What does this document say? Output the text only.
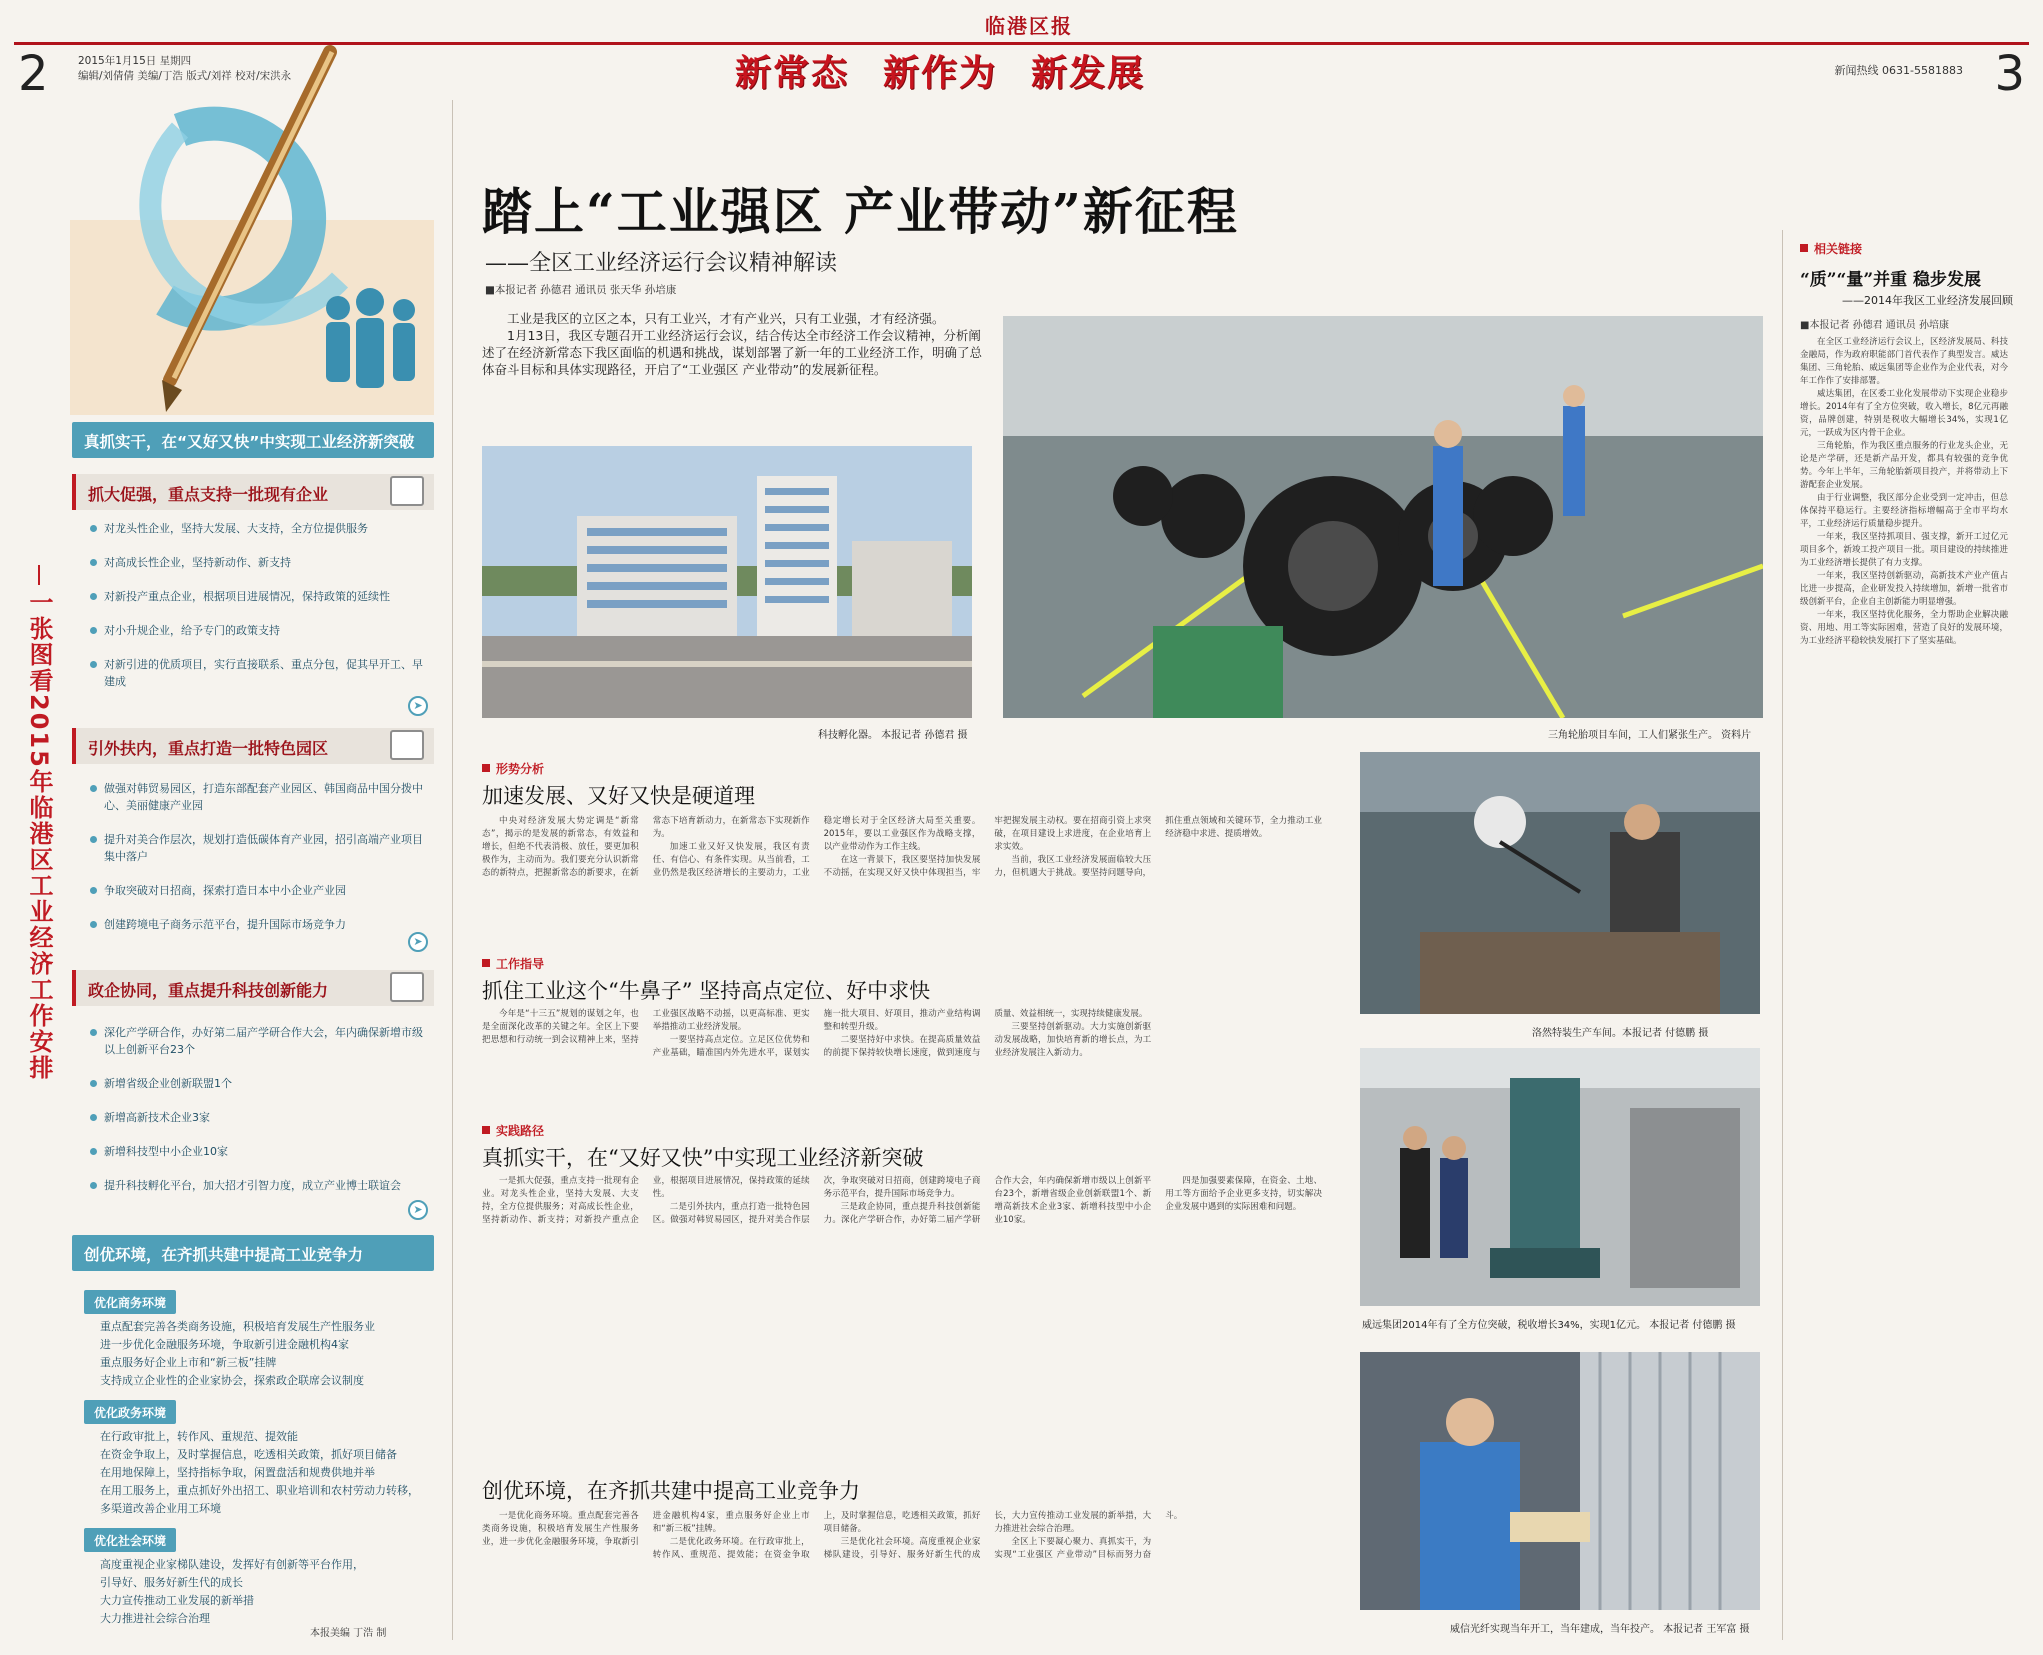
临港区报
2	2015年1月15日 星期四
编辑/刘倩倩 美编/丁浩 版式/刘祥 校对/宋洪永	新常态 新作为 新发展	新闻热线 0631-5581883 3
一张图看2015年临港区工业经济工作安排
真抓实干，在“又好又快”中实现工业经济新突破
抓大促强，重点支持一批现有企业
对龙头性企业，坚持大发展、大支持，全方位提供服务
对高成长性企业，坚持新动作、新支持
对新投产重点企业，根据项目进展情况，保持政策的延续性
对小升规企业，给予专门的政策支持
对新引进的优质项目，实行直接联系、重点分包，促其早开工、早建成
➤
引外扶内，重点打造一批特色园区
做强对韩贸易园区，打造东部配套产业园区、韩国商品中国分拨中心、美丽健康产业园
提升对美合作层次，规划打造低碳体育产业园，招引高端产业项目集中落户
争取突破对日招商，探索打造日本中小企业产业园
创建跨境电子商务示范平台，提升国际市场竞争力
➤
政企协同，重点提升科技创新能力
深化产学研合作，办好第二届产学研合作大会，年内确保新增市级以上创新平台23个
新增省级企业创新联盟1个
新增高新技术企业3家
新增科技型中小企业10家
提升科技孵化平台，加大招才引智力度，成立产业博士联谊会
➤
创优环境，在齐抓共建中提高工业竞争力
优化商务环境
重点配套完善各类商务设施，积极培育发展生产性服务业
进一步优化金融服务环境，争取新引进金融机构4家
重点服务好企业上市和“新三板”挂牌
支持成立企业性的企业家协会，探索政企联席会议制度
优化政务环境
在行政审批上，转作风、重规范、提效能
在资金争取上，及时掌握信息，吃透相关政策，抓好项目储备
在用地保障上，坚持指标争取，闲置盘活和规费供地并举
在用工服务上，重点抓好外出招工、职业培训和农村劳动力转移，多渠道改善企业用工环境
优化社会环境
高度重视企业家梯队建设，发挥好有创新等平台作用，
引导好、服务好新生代的成长
大力宣传推动工业发展的新举措
大力推进社会综合治理
本报美编 丁浩 制
踏上“工业强区 产业带动”新征程
——全区工业经济运行会议精神解读
■本报记者 孙德君 通讯员 张天华 孙培康

工业是我区的立区之本，只有工业兴，才有产业兴，只有工业强，才有经济强。

1月13日，我区专题召开工业经济运行会议，结合传达全市经济工作会议精神，分析阐述了在经济新常态下我区面临的机遇和挑战，谋划部署了新一年的工业经济工作，明确了总体奋斗目标和具体实现路径，开启了“工业强区 产业带动”的发展新征程。

科技孵化器。 本报记者 孙德君 摄	三角轮胎项目车间，工人们紧张生产。 资料片
形势分析
加速发展、又好又快是硬道理

中央对经济发展大势定调是“新常态”，揭示的是发展的新常态，有效益和增长，但绝不代表消极、放任，要更加积极作为，主动而为。我们要充分认识新常态的新特点，把握新常态的新要求，在新常态下培育新动力，在新常态下实现新作为。

加速工业又好又快发展，我区有责任、有信心、有条件实现。从当前看，工业仍然是我区经济增长的主要动力，工业稳定增长对于全区经济大局至关重要。2015年，要以工业强区作为战略支撑，以产业带动作为工作主线。

在这一背景下，我区要坚持加快发展不动摇，在实现又好又快中体现担当，牢牢把握发展主动权。要在招商引资上求突破，在项目建设上求进度，在企业培育上求实效。

当前，我区工业经济发展面临较大压力，但机遇大于挑战。要坚持问题导向，抓住重点领域和关键环节，全力推动工业经济稳中求进、提质增效。

工作指导
抓住工业这个“牛鼻子” 坚持高点定位、好中求快

今年是“十三五”规划的谋划之年，也是全面深化改革的关键之年。全区上下要把思想和行动统一到会议精神上来，坚持工业强区战略不动摇，以更高标准、更实举措推动工业经济发展。

一要坚持高点定位。立足区位优势和产业基础，瞄准国内外先进水平，谋划实施一批大项目、好项目，推动产业结构调整和转型升级。

二要坚持好中求快。在提高质量效益的前提下保持较快增长速度，做到速度与质量、效益相统一，实现持续健康发展。

三要坚持创新驱动。大力实施创新驱动发展战略，加快培育新的增长点，为工业经济发展注入新动力。

实践路径
真抓实干，在“又好又快”中实现工业经济新突破

一是抓大促强，重点支持一批现有企业。对龙头性企业，坚持大发展、大支持，全方位提供服务；对高成长性企业，坚持新动作、新支持；对新投产重点企业，根据项目进展情况，保持政策的延续性。

二是引外扶内，重点打造一批特色园区。做强对韩贸易园区，提升对美合作层次，争取突破对日招商，创建跨境电子商务示范平台，提升国际市场竞争力。

三是政企协同，重点提升科技创新能力。深化产学研合作，办好第二届产学研合作大会，年内确保新增市级以上创新平台23个，新增省级企业创新联盟1个、新增高新技术企业3家、新增科技型中小企业10家。

四是加强要素保障，在资金、土地、用工等方面给予企业更多支持，切实解决企业发展中遇到的实际困难和问题。

创优环境，在齐抓共建中提高工业竞争力

一是优化商务环境。重点配套完善各类商务设施，积极培育发展生产性服务业，进一步优化金融服务环境，争取新引进金融机构4家，重点服务好企业上市和“新三板”挂牌。

二是优化政务环境。在行政审批上，转作风、重规范、提效能；在资金争取上，及时掌握信息，吃透相关政策，抓好项目储备。

三是优化社会环境。高度重视企业家梯队建设，引导好、服务好新生代的成长，大力宣传推动工业发展的新举措，大力推进社会综合治理。

全区上下要凝心聚力、真抓实干，为实现“工业强区 产业带动”目标而努力奋斗。

洛然特装生产车间。本报记者 付德鹏 摄
威远集团2014年有了全方位突破，税收增长34%，实现1亿元。 本报记者 付德鹏 摄
威信光纤实现当年开工，当年建成，当年投产。 本报记者 王军富 摄
相关链接
“质”“量”并重 稳步发展
——2014年我区工业经济发展回顾
■本报记者 孙德君 通讯员 孙培康

在全区工业经济运行会议上，区经济发展局、科技金融局，作为政府职能部门首代表作了典型发言。威达集团、三角轮胎、威远集团等企业作为企业代表，对今年工作作了安排部署。

威达集团，在区委工业化发展带动下实现企业稳步增长。2014年有了全方位突破，收入增长，8亿元再融资，品牌创建，特别是税收大幅增长34%，实现1亿元，一跃成为区内骨干企业。

三角轮胎，作为我区重点服务的行业龙头企业，无论是产学研，还是新产品开发，都具有较强的竞争优势。今年上半年，三角轮胎新项目投产，并将带动上下游配套企业发展。

由于行业调整，我区部分企业受到一定冲击，但总体保持平稳运行。主要经济指标增幅高于全市平均水平，工业经济运行质量稳步提升。

一年来，我区坚持抓项目、强支撑，新开工过亿元项目多个，新竣工投产项目一批。项目建设的持续推进为工业经济增长提供了有力支撑。

一年来，我区坚持创新驱动，高新技术产业产值占比进一步提高，企业研发投入持续增加，新增一批省市级创新平台，企业自主创新能力明显增强。

一年来，我区坚持优化服务，全力帮助企业解决融资、用地、用工等实际困难，营造了良好的发展环境，为工业经济平稳较快发展打下了坚实基础。
